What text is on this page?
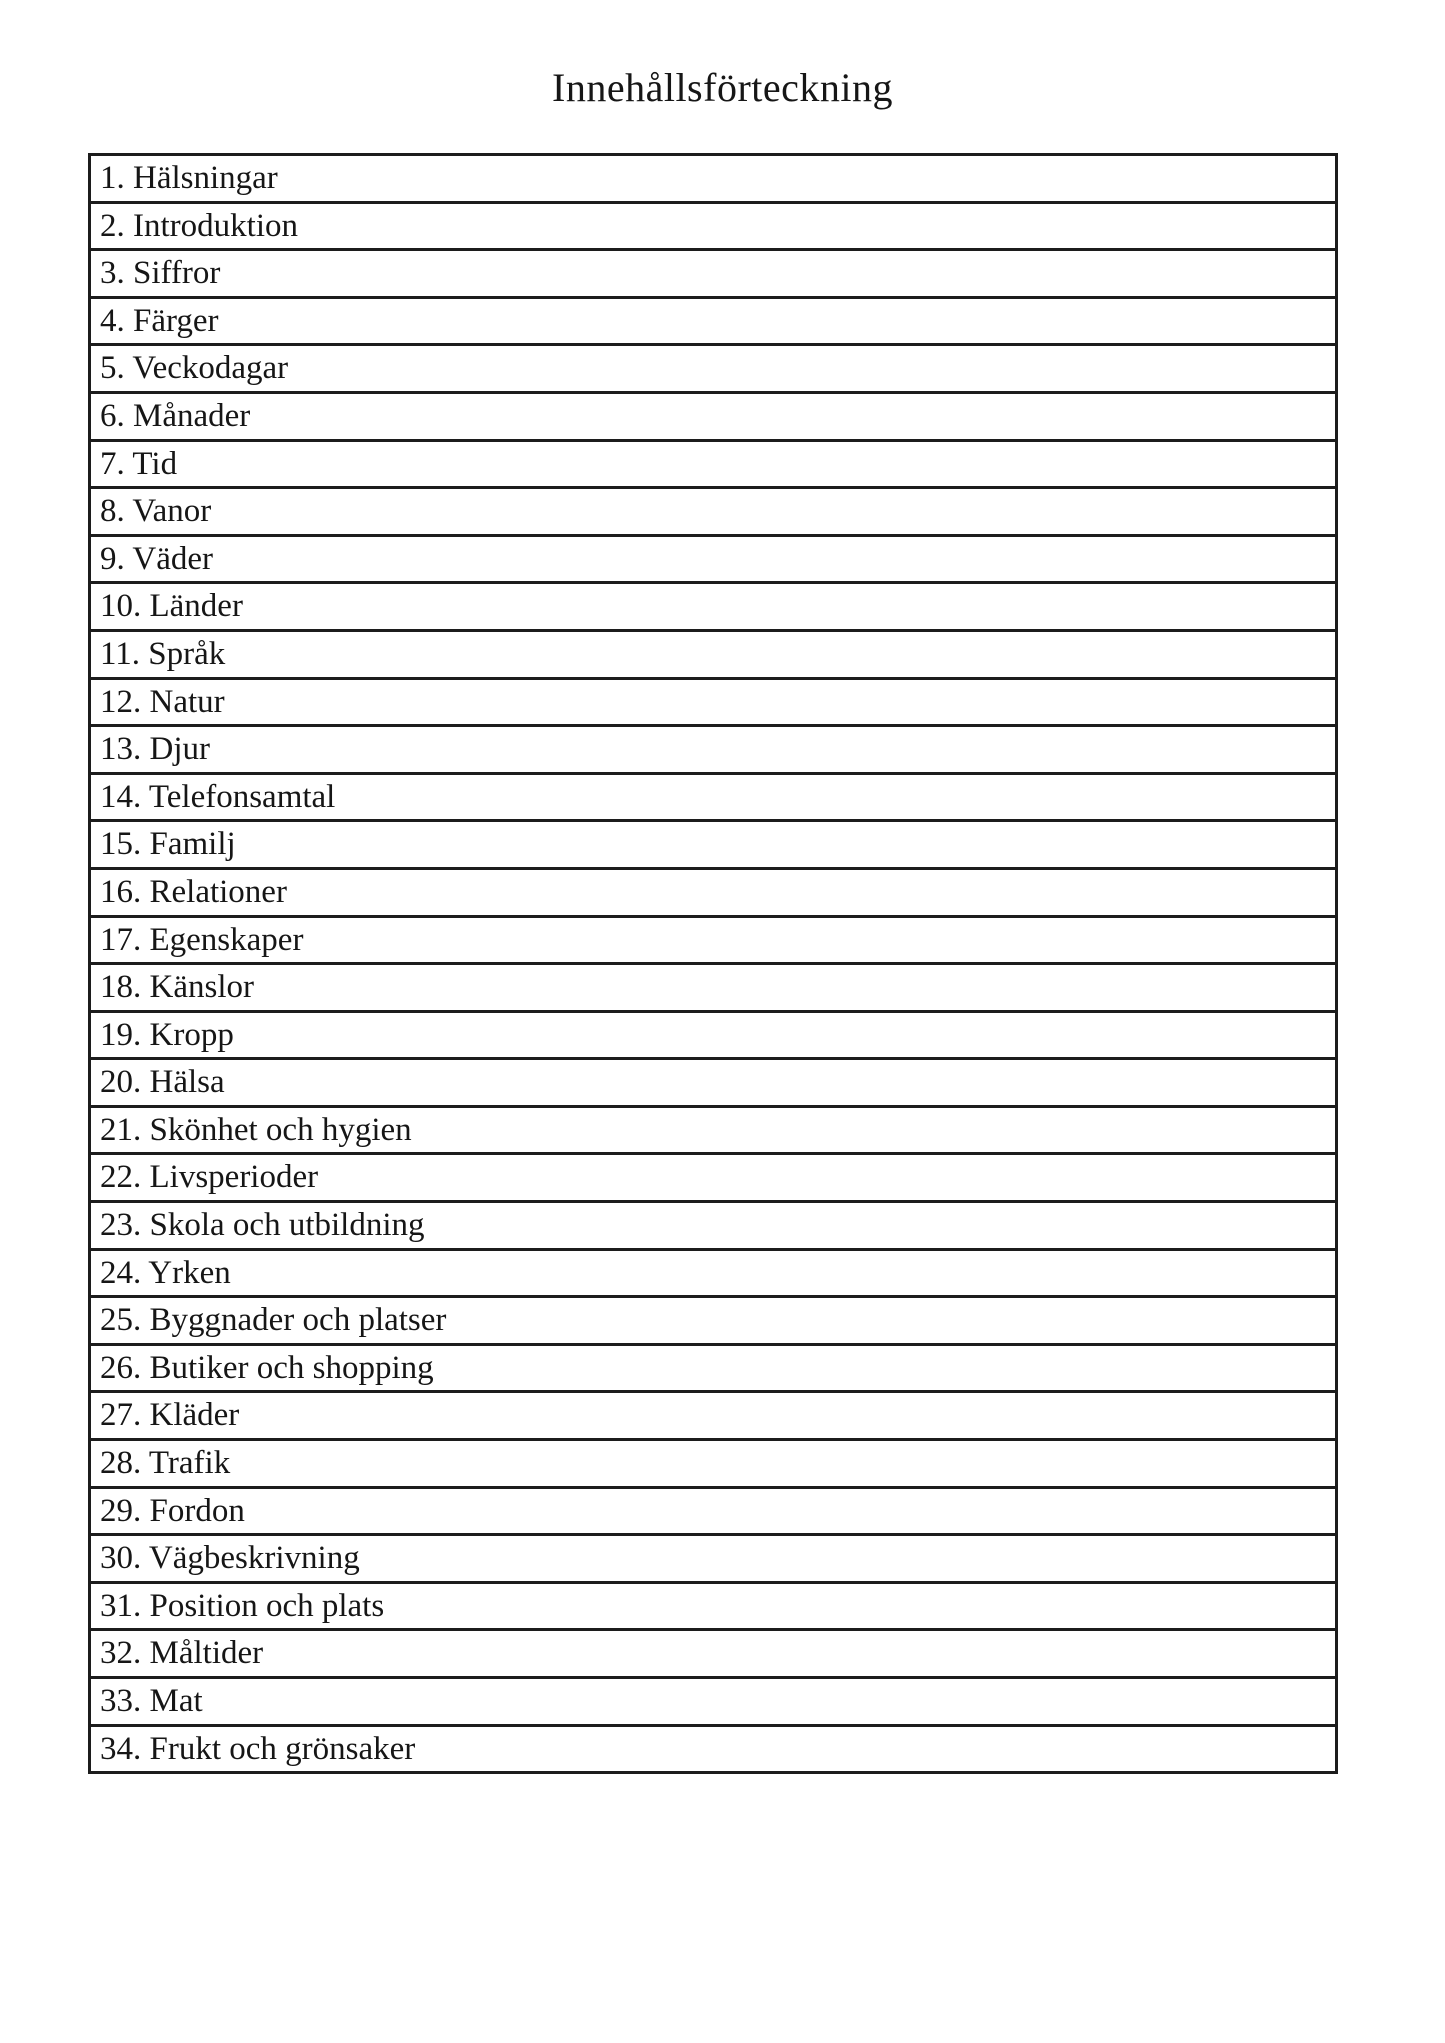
Innehållsförteckning
1. Hälsningar
2. Introduktion
3. Siffror
4. Färger
5. Veckodagar
6. Månader
7. Tid
8. Vanor
9. Väder
10. Länder
11. Språk
12. Natur
13. Djur
14. Telefonsamtal
15. Familj
16. Relationer
17. Egenskaper
18. Känslor
19. Kropp
20. Hälsa
21. Skönhet och hygien
22. Livsperioder
23. Skola och utbildning
24. Yrken
25. Byggnader och platser
26. Butiker och shopping
27. Kläder
28. Trafik
29. Fordon
30. Vägbeskrivning
31. Position och plats
32. Måltider
33. Mat
34. Frukt och grönsaker
